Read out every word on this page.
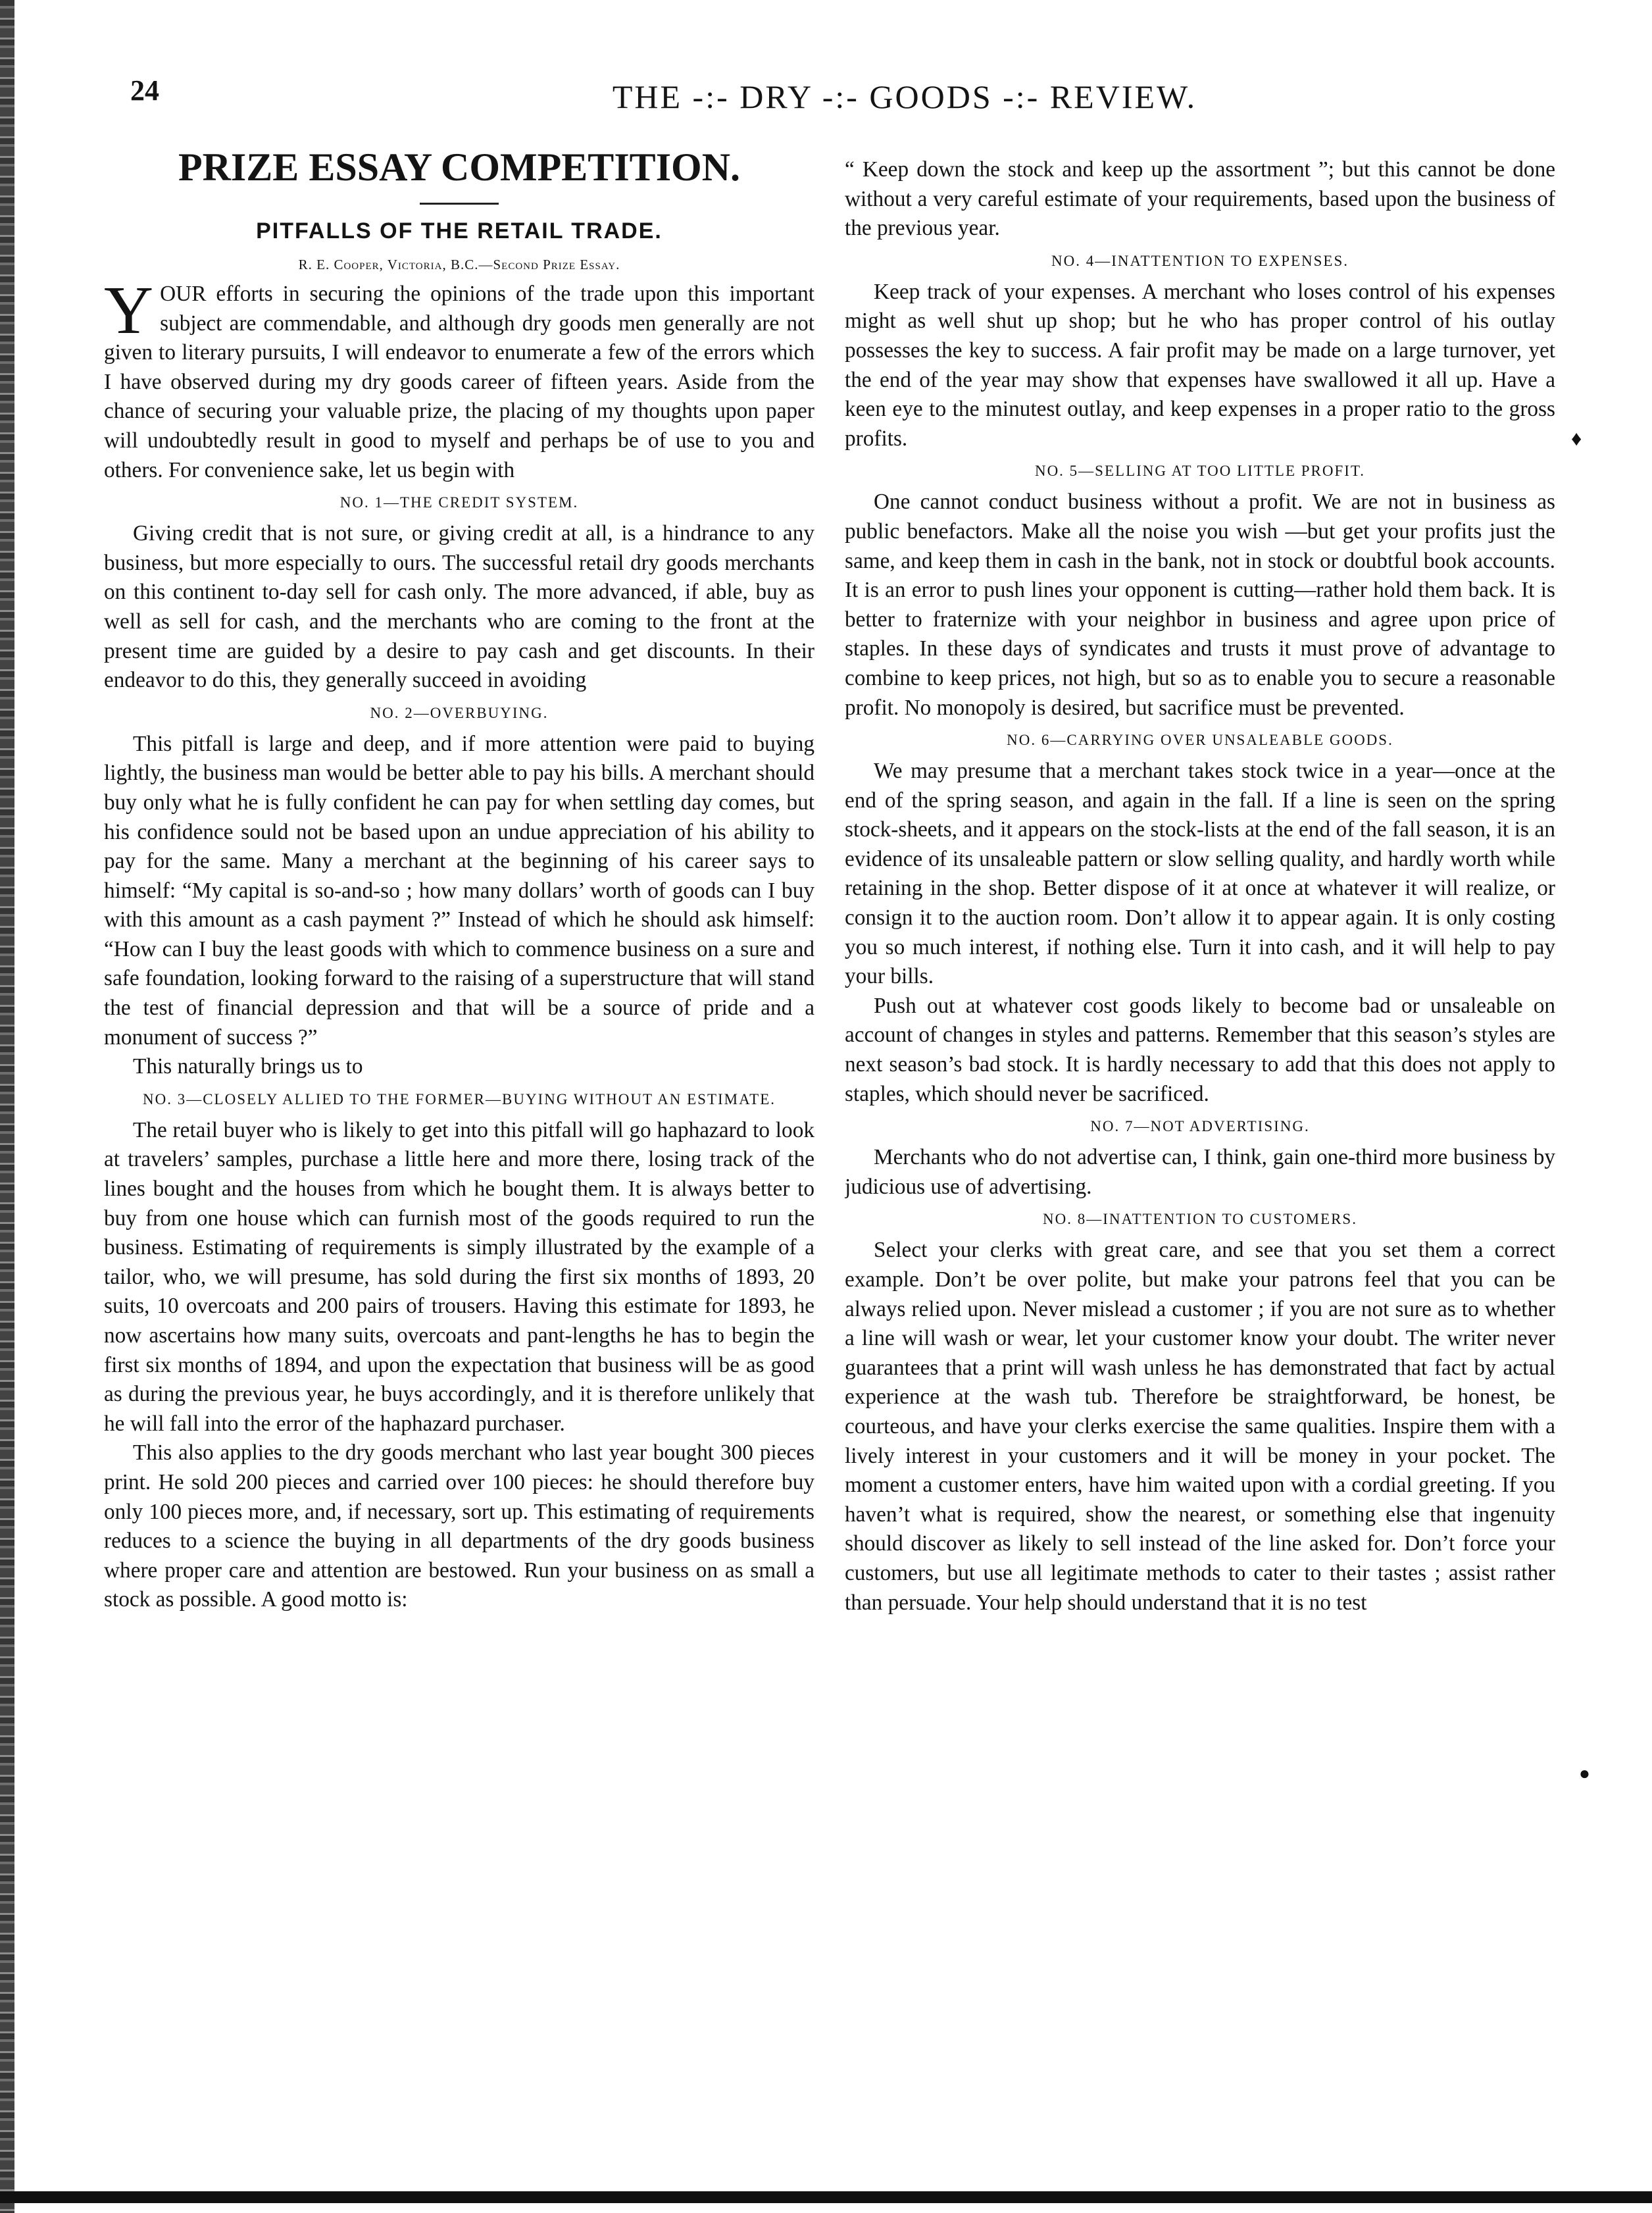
24	THE -:- DRY -:- GOODS -:- REVIEW.
PRIZE ESSAY COMPETITION.
PITFALLS OF THE RETAIL TRADE.
R. E. Cooper, Victoria, B.C.—Second Prize Essay.

YOUR efforts in securing the opinions of the trade upon this important subject are commendable, and although dry goods men generally are not given to literary pursuits, I will endeavor to enumerate a few of the errors which I have observed during my dry goods career of fifteen years. Aside from the chance of securing your valuable prize, the placing of my thoughts upon paper will undoubtedly result in good to myself and perhaps be of use to you and others. For convenience sake, let us begin with

NO. 1—THE CREDIT SYSTEM.

Giving credit that is not sure, or giving credit at all, is a hindrance to any business, but more especially to ours. The successful retail dry goods merchants on this continent to-day sell for cash only. The more advanced, if able, buy as well as sell for cash, and the merchants who are coming to the front at the present time are guided by a desire to pay cash and get discounts. In their endeavor to do this, they generally succeed in avoiding

NO. 2—OVERBUYING.

This pitfall is large and deep, and if more attention were paid to buying lightly, the business man would be better able to pay his bills. A merchant should buy only what he is fully confident he can pay for when settling day comes, but his confidence sould not be based upon an undue appreciation of his ability to pay for the same. Many a merchant at the beginning of his career says to himself: “My capital is so-and-so ; how many dollars’ worth of goods can I buy with this amount as a cash payment ?” Instead of which he should ask himself: “How can I buy the least goods with which to commence business on a sure and safe foundation, looking forward to the raising of a superstructure that will stand the test of financial depression and that will be a source of pride and a monument of success ?”

This naturally brings us to

NO. 3—CLOSELY ALLIED TO THE FORMER—BUYING WITHOUT AN ESTIMATE.

The retail buyer who is likely to get into this pitfall will go haphazard to look at travelers’ samples, purchase a little here and more there, losing track of the lines bought and the houses from which he bought them. It is always better to buy from one house which can furnish most of the goods required to run the business. Estimating of requirements is simply illustrated by the example of a tailor, who, we will presume, has sold during the first six months of 1893, 20 suits, 10 overcoats and 200 pairs of trousers. Having this estimate for 1893, he now ascertains how many suits, overcoats and pant-lengths he has to begin the first six months of 1894, and upon the expectation that business will be as good as during the previous year, he buys accordingly, and it is therefore unlikely that he will fall into the error of the haphazard purchaser.

This also applies to the dry goods merchant who last year bought 300 pieces print. He sold 200 pieces and carried over 100 pieces: he should therefore buy only 100 pieces more, and, if necessary, sort up. This estimating of requirements reduces to a science the buying in all departments of the dry goods business where proper care and attention are bestowed. Run your business on as small a stock as possible. A good motto is:

“ Keep down the stock and keep up the assortment ”; but this cannot be done without a very careful estimate of your requirements, based upon the business of the previous year.

NO. 4—INATTENTION TO EXPENSES.

Keep track of your expenses. A merchant who loses control of his expenses might as well shut up shop; but he who has proper control of his outlay possesses the key to success. A fair profit may be made on a large turnover, yet the end of the year may show that expenses have swallowed it all up. Have a keen eye to the minutest outlay, and keep expenses in a proper ratio to the gross profits.

NO. 5—SELLING AT TOO LITTLE PROFIT.

One cannot conduct business without a profit. We are not in business as public benefactors. Make all the noise you wish —but get your profits just the same, and keep them in cash in the bank, not in stock or doubtful book accounts. It is an error to push lines your opponent is cutting—rather hold them back. It is better to fraternize with your neighbor in business and agree upon price of staples. In these days of syndicates and trusts it must prove of advantage to combine to keep prices, not high, but so as to enable you to secure a reasonable profit. No monopoly is desired, but sacrifice must be prevented.

NO. 6—CARRYING OVER UNSALEABLE GOODS.

We may presume that a merchant takes stock twice in a year—once at the end of the spring season, and again in the fall. If a line is seen on the spring stock-sheets, and it appears on the stock-lists at the end of the fall season, it is an evidence of its unsaleable pattern or slow selling quality, and hardly worth while retaining in the shop. Better dispose of it at once at whatever it will realize, or consign it to the auction room. Don’t allow it to appear again. It is only costing you so much interest, if nothing else. Turn it into cash, and it will help to pay your bills.

Push out at whatever cost goods likely to become bad or unsaleable on account of changes in styles and patterns. Remember that this season’s styles are next season’s bad stock. It is hardly necessary to add that this does not apply to staples, which should never be sacrificed.

NO. 7—NOT ADVERTISING.

Merchants who do not advertise can, I think, gain one-third more business by judicious use of advertising.

NO. 8—INATTENTION TO CUSTOMERS.

Select your clerks with great care, and see that you set them a correct example. Don’t be over polite, but make your patrons feel that you can be always relied upon. Never mislead a customer ; if you are not sure as to whether a line will wash or wear, let your customer know your doubt. The writer never guarantees that a print will wash unless he has demonstrated that fact by actual experience at the wash tub. Therefore be straightforward, be honest, be courteous, and have your clerks exercise the same qualities. Inspire them with a lively interest in your customers and it will be money in your pocket. The moment a customer enters, have him waited upon with a cordial greeting. If you haven’t what is required, show the nearest, or something else that ingenuity should discover as likely to sell instead of the line asked for. Don’t force your customers, but use all legitimate methods to cater to their tastes ; assist rather than persuade. Your help should understand that it is no test

♦
●
